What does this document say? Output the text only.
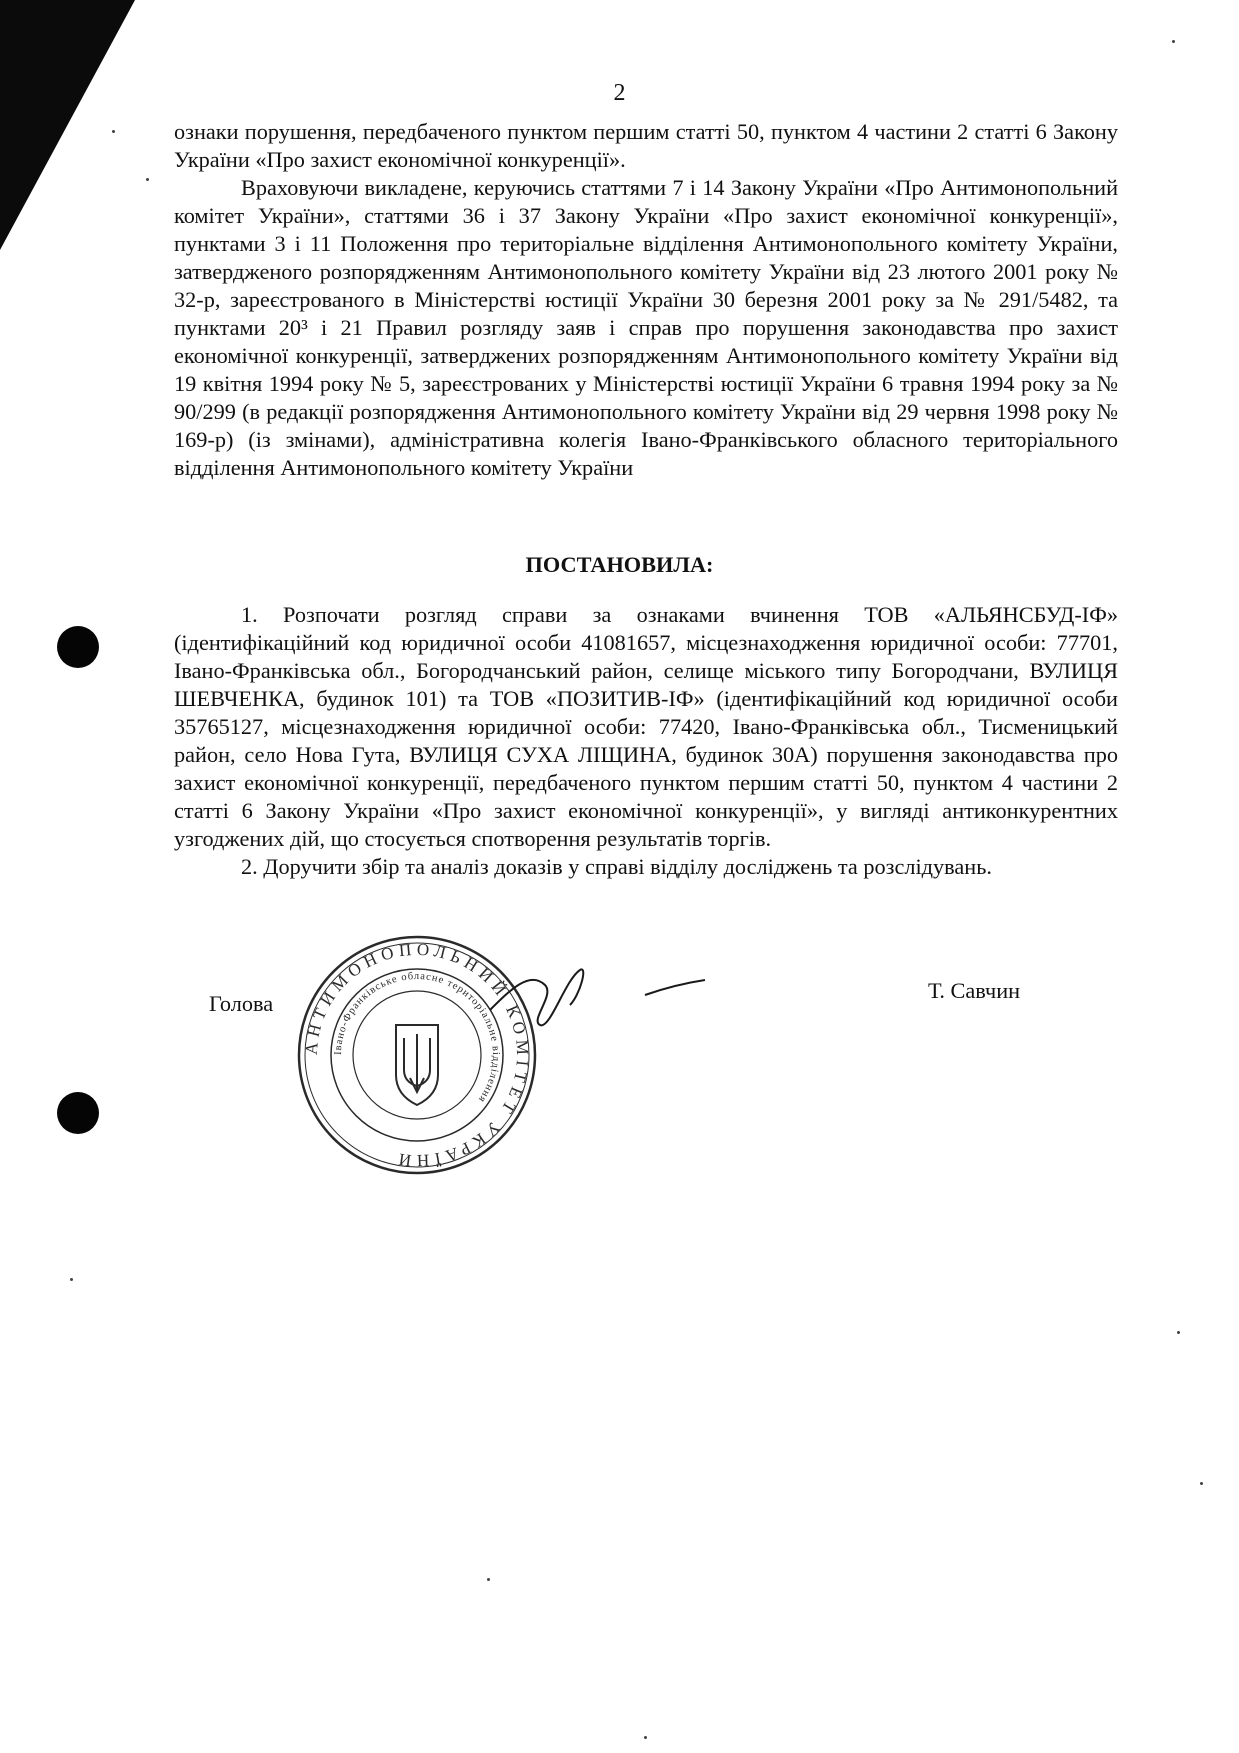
2

ознаки порушення, передбаченого пунктом першим статті 50, пунктом 4 частини 2 статті 6 Закону України «Про захист економічної конкуренції».

Враховуючи викладене, керуючись статтями 7 і 14 Закону України «Про Антимонопольний комітет України», статтями 36 і 37 Закону України «Про захист економічної конкуренції», пунктами 3 і 11 Положення про територіальне відділення Антимонопольного комітету України, затвердженого розпорядженням Антимонопольного комітету України від 23 лютого 2001 року № 32-р, зареєстрованого в Міністерстві юстиції України 30 березня 2001 року за № 291/5482, та пунктами 20³ і 21 Правил розгляду заяв і справ про порушення законодавства про захист економічної конкуренції, затверджених розпорядженням Антимонопольного комітету України від 19 квітня 1994 року № 5, зареєстрованих у Міністерстві юстиції України 6 травня 1994 року за № 90/299 (в редакції розпорядження Антимонопольного комітету України від 29 червня 1998 року № 169-р) (із змінами), адміністративна колегія Івано-Франківського обласного територіального відділення Антимонопольного комітету України

ПОСТАНОВИЛА:

1. Розпочати розгляд справи за ознаками вчинення ТОВ «АЛЬЯНСБУД-ІФ» (ідентифікаційний код юридичної особи 41081657, місцезнаходження юридичної особи: 77701, Івано-Франківська обл., Богородчанський район, селище міського типу Богородчани, ВУЛИЦЯ ШЕВЧЕНКА, будинок 101) та ТОВ «ПОЗИТИВ-ІФ» (ідентифікаційний код юридичної особи 35765127, місцезнаходження юридичної особи: 77420, Івано-Франківська обл., Тисменицький район, село Нова Гута, ВУЛИЦЯ СУХА ЛІЩИНА, будинок 30А) порушення законодавства про захист економічної конкуренції, передбаченого пунктом першим статті 50, пунктом 4 частини 2 статті 6 Закону України «Про захист економічної конкуренції», у вигляді антиконкурентних узгоджених дій, що стосується спотворення результатів торгів.

2. Доручити збір та аналіз доказів у справі відділу досліджень та розслідувань.

Голова
Т. Савчин
АНТИМОНОПОЛЬНИЙ КОМІТЕТ УКРАЇНИ
Івано-Франківське обласне територіальне відділення
